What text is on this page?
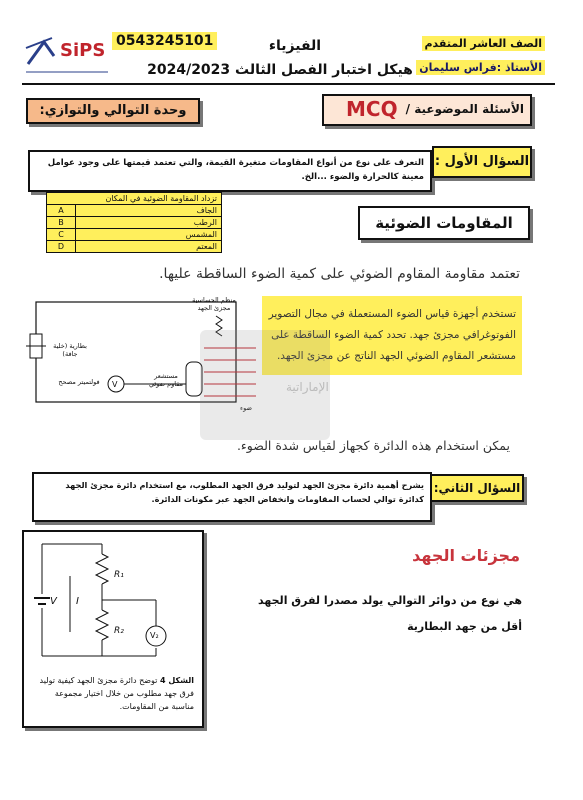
SiPS 0543245101	الفيزياء
هيكل اختبار الفصل الثالث 2024/2023
الصف العاشر المتقدم
الأستاذ :فراس سليمان
وحدة التوالي والتوازي:	الأسئلة الموضوعية /
MCQ
التعرف على نوع من أنواع المقاومات متغيرة القيمة، والتي تعتمد قيمتها على وجود عوامل معينة كالحرارة والضوء ...الخ.
السؤال الأول :
تزداد المقاومة الضوئية في المكان	
الجاف	A
الرطب	B
المشمس	C
المعتم	D
المقاومات الضوئية
تعتمد مقاومة المقاوم الضوئي على كمية الضوء الساقطة عليها.
V
منظم الحساسية مجزئ الجهد
بطارية (خلية جافة)
فولتميتر مصحح
مستشعر مقاوم ضوئي
ضوء
تستخدم أجهزة قياس الضوء المستعملة في مجال التصوير الفوتوغرافي مجزئ جهد. تحدد كمية الضوء الساقطة على مستشعر المقاوم الضوئي الجهد الناتج عن مجزئ الجهد.
الإماراتية
يمكن استخدام هذه الدائرة كجهاز لقياس شدة الضوء.
يشرح أهمية دائرة مجزئ الجهد لتوليد فرق الجهد المطلوب، مع استخدام دائرة مجزئ الجهد كدائرة توالي لحساب المقاومات وانخفاض الجهد عبر مكونات الدائرة.
السؤال الثاني:
V I
R₁
R₂	V₂
الشكل 4 توضح دائرة مجزئ الجهد كيفية توليد فرق جهد مطلوب من خلال اختيار مجموعة مناسبة من المقاومات.
مجزئات الجهد
هي نوع من دوائر التوالي يولد مصدرا لفرق الجهد
أقل من جهد البطارية
